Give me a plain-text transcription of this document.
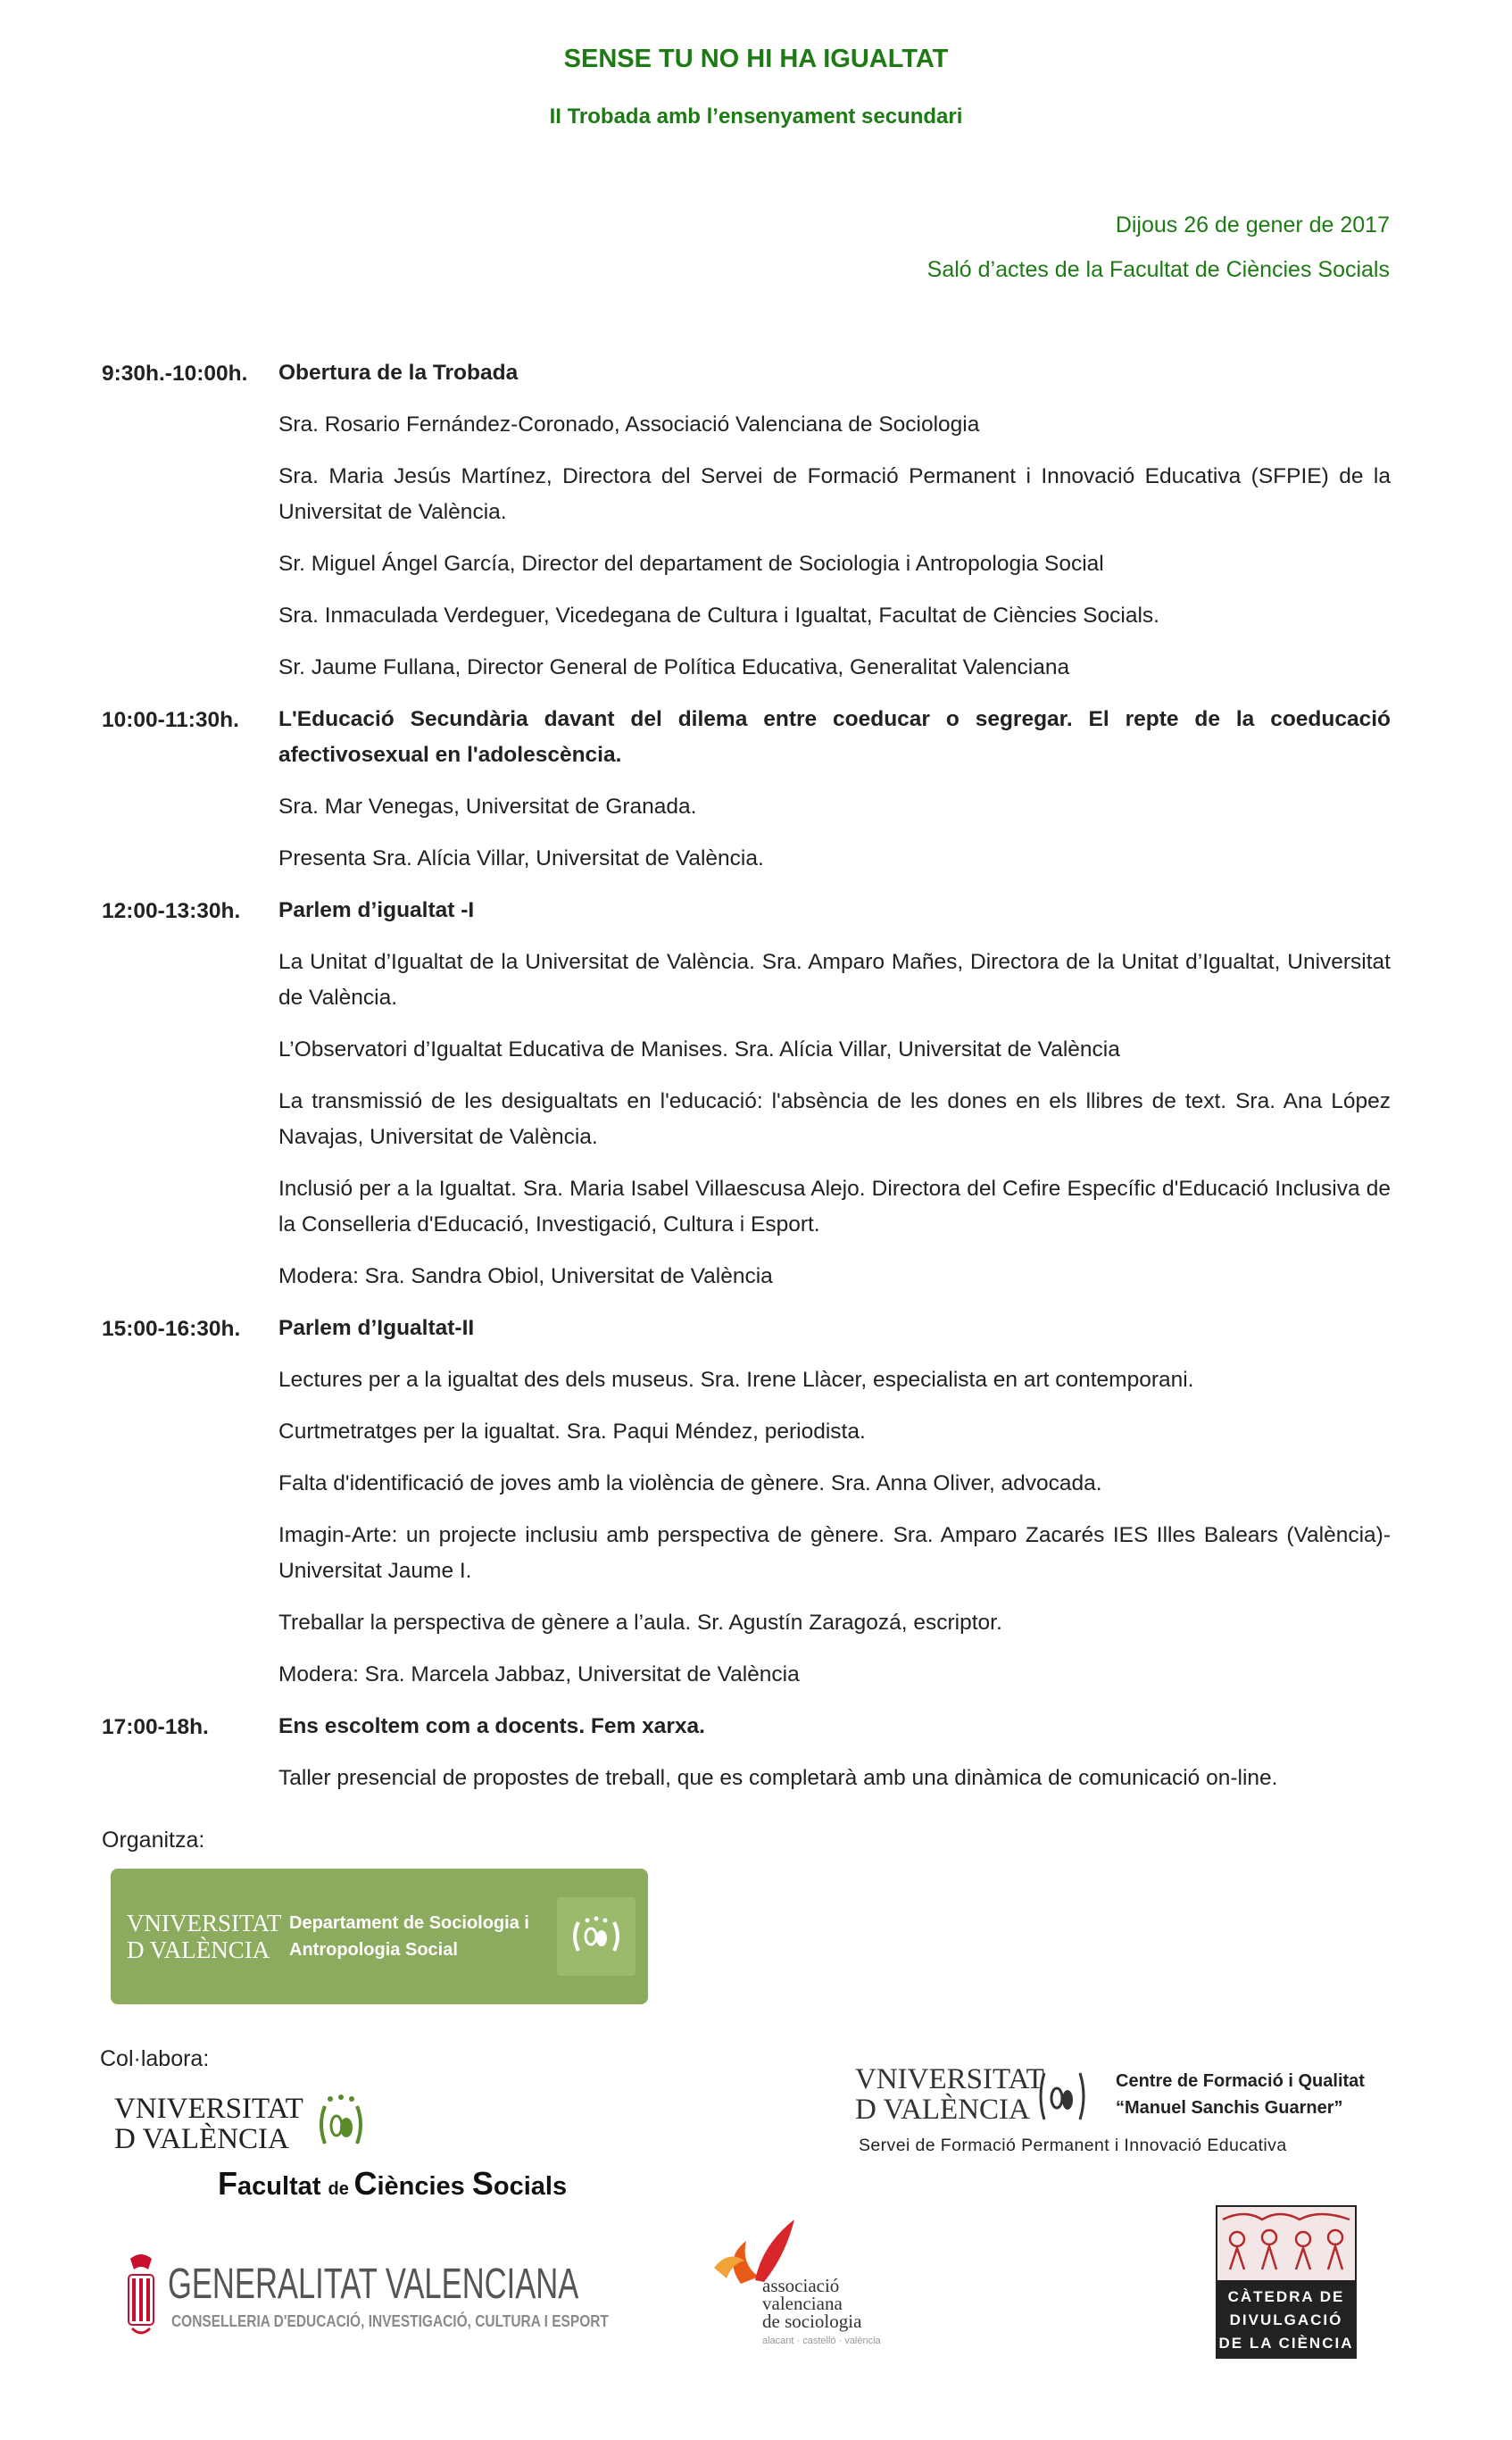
SENSE TU NO HI HA IGUALTAT
II Trobada amb l’ensenyament secundari
Dijous 26 de gener de 2017
Saló d’actes de la Facultat de Ciències Socials
9:30h.-10:00h. Obertura de la Trobada
Sra. Rosario Fernández-Coronado, Associació Valenciana de Sociologia
Sra. Maria Jesús Martínez, Directora del Servei de Formació Permanent i Innovació Educativa (SFPIE) de la Universitat de València.
Sr. Miguel Ángel García, Director del departament de Sociologia i Antropologia Social
Sra. Inmaculada Verdeguer, Vicedegana de Cultura i Igualtat, Facultat de Ciències Socials.
Sr. Jaume Fullana, Director General de Política Educativa, Generalitat Valenciana
10:00-11:30h. L'Educació Secundària davant del dilema entre coeducar o segregar. El repte de la coeducació afectivosexual en l'adolescència.
Sra. Mar Venegas, Universitat de Granada.
Presenta Sra. Alícia Villar, Universitat de València.
12:00-13:30h. Parlem d’igualtat -I
La Unitat d’Igualtat de la Universitat de València. Sra. Amparo Mañes, Directora de la Unitat d’Igualtat, Universitat de València.
L’Observatori d’Igualtat Educativa de Manises. Sra. Alícia Villar, Universitat de València
La transmissió de les desigualtats en l'educació: l'absència de les dones en els llibres de text. Sra. Ana López Navajas, Universitat de València.
Inclusió per a la Igualtat. Sra. Maria Isabel Villaescusa Alejo. Directora del Cefire Específic d'Educació Inclusiva de la Conselleria d'Educació, Investigació, Cultura i Esport.
Modera: Sra. Sandra Obiol, Universitat de València
15:00-16:30h. Parlem d’Igualtat-II
Lectures per a la igualtat des dels museus. Sra. Irene Llàcer, especialista en art contemporani.
Curtmetratges per la igualtat. Sra. Paqui Méndez, periodista.
Falta d'identificació de joves amb la violència de gènere. Sra. Anna Oliver, advocada.
Imagin-Arte: un projecte inclusiu amb perspectiva de gènere. Sra. Amparo Zacarés IES Illes Balears (València)-Universitat Jaume I.
Treballar la perspectiva de gènere a l’aula. Sr. Agustín Zaragozá, escriptor.
Modera: Sra. Marcela Jabbaz, Universitat de València
17:00-18h.	Ens escoltem com a docents. Fem xarxa.
Taller presencial de propostes de treball, que es completarà amb una dinàmica de comunicació on-line.
Organitza:
VNIVERSITAT
D VALÈNCIA
Departament de Sociologia i
Antropologia Social
Col·labora:
VNIVERSITAT
D VALÈNCIA
Facultat de Ciències Socials
VNIVERSITAT
D VALÈNCIA
Centre de Formació i Qualitat
“Manuel Sanchis Guarner”
Servei de Formació Permanent i Innovació Educativa
GENERALITAT VALENCIANA
CONSELLERIA D'EDUCACIÓ, INVESTIGACIÓ, CULTURA I ESPORT
associació
valenciana
de sociologia
alacant · castelló · valència
CÀTEDRA DE
DIVULGACIÓ
DE LA CIÈNCIA
